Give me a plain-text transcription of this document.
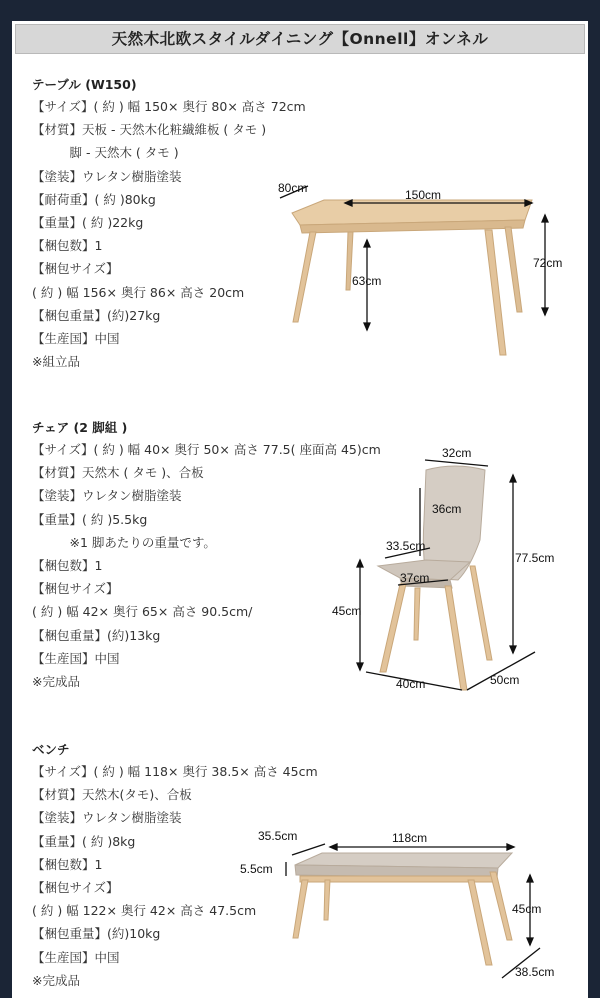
天然木北欧スタイルダイニング【Onnell】オンネル
テーブル (W150)
【サイズ】( 約 ) 幅 150× 奥行 80× 高さ 72cm
【材質】天板 - 天然木化粧繊維板 ( タモ )
　　　脚 - 天然木 ( タモ )
【塗装】ウレタン樹脂塗装
【耐荷重】( 約 )80kg
【重量】( 約 )22kg
【梱包数】1
【梱包サイズ】
( 約 ) 幅 156× 奥行 86× 高さ 20cm
【梱包重量】(約)27kg
【生産国】中国
※組立品
チェア (2 脚組 )
【サイズ】( 約 ) 幅 40× 奥行 50× 高さ 77.5( 座面高 45)cm
【材質】天然木 ( タモ )、合板
【塗装】ウレタン樹脂塗装
【重量】( 約 )5.5kg
　　　※1 脚あたりの重量です。
【梱包数】1
【梱包サイズ】
( 約 ) 幅 42× 奥行 65× 高さ 90.5cm/
【梱包重量】(約)13kg
【生産国】中国
※完成品
ベンチ
【サイズ】( 約 ) 幅 118× 奥行 38.5× 高さ 45cm
【材質】天然木(タモ)、合板
【塗装】ウレタン樹脂塗装
【重量】( 約 )8kg
【梱包数】1
【梱包サイズ】
( 約 ) 幅 122× 奥行 42× 高さ 47.5cm
【梱包重量】(約)10kg
【生産国】中国
※完成品
150cm
80cm
72cm
63cm
32cm
36cm
33.5cm
37cm
77.5cm
45cm
40cm	50cm
35.5cm	118cm
5.5cm
45cm
38.5cm
